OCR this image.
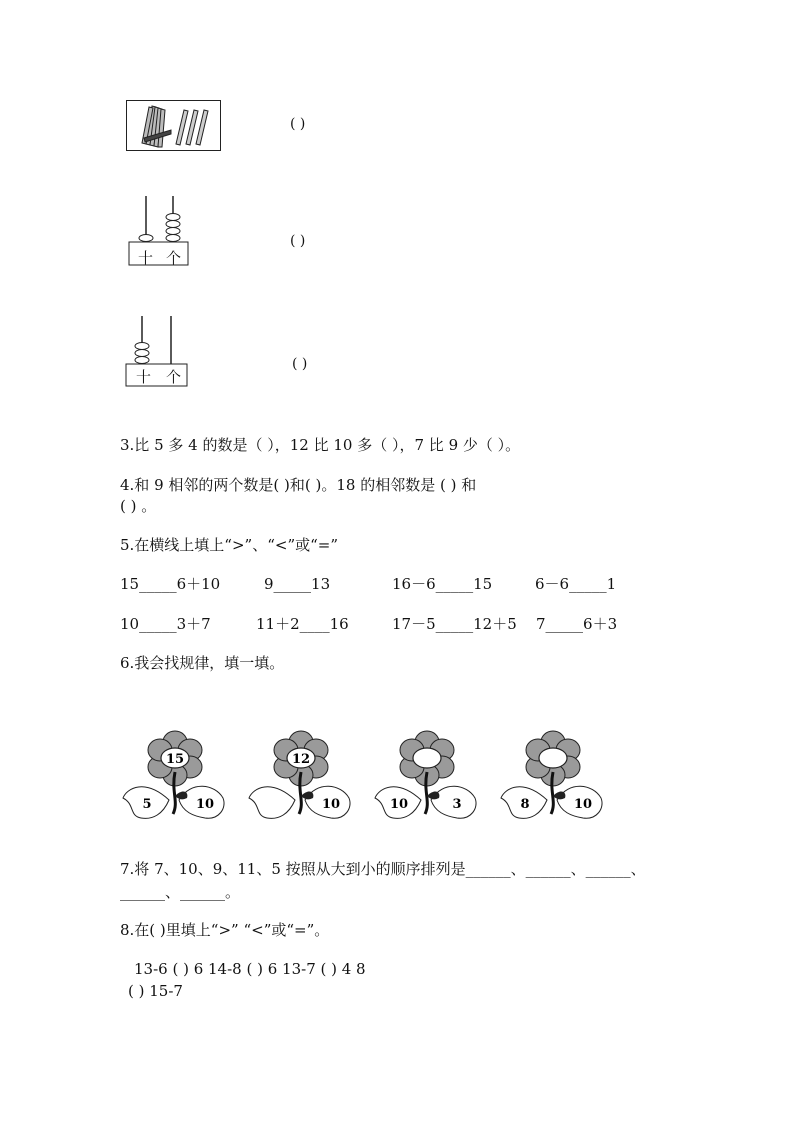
( )
十 个
( )
十 个
( )
3.比 5 多 4 的数是（ ），12 比 10 多（ ），7 比 9 少（ ）。
4.和 9 相邻的两个数是( )和( )。18 的相邻数是 ( ) 和
( ) 。
5.在横线上填上“>”、“<”或“=”
15_____6＋10	9_____13	16－6_____15	6－6_____1
10_____3＋7	11＋2____16	17－5_____12＋5 7_____6＋3
6.我会找规律，填一填。
15
5	10
12
10	10	3	8	10
7.将 7、10、9、11、5 按照从大到小的顺序排列是______、______、______、
______、______。
8.在( )里填上“>” “<”或“=”。
13-6 ( ) 6 14-8 ( ) 6 13-7 ( ) 4 8
( ) 15-7
